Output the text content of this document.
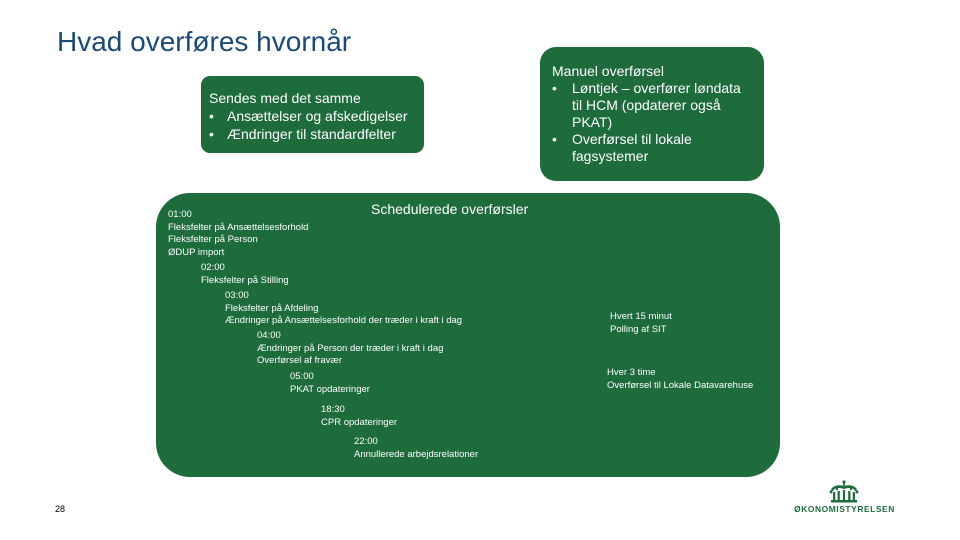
Hvad overføres hvornår
Sendes med det samme
• Ansættelser og afskedigelser
• Ændringer til standardfelter
Manuel overførsel
•	Løntjek – overfører løndata til HCM (opdaterer også PKAT)
•	Overførsel til lokale fagsystemer
Schedulerede overførsler
01:00
Fleksfelter på Ansættelsesforhold
Fleksfelter på Person
ØDUP import
02:00
Fleksfelter på Stilling
03:00
Fleksfelter på Afdeling
Ændringer på Ansættelsesforhold der træder i kraft i dag
04:00
Ændringer på Person der træder i kraft i dag
Overførsel af fravær
05:00
PKAT opdateringer
18:30
CPR opdateringer
22:00
Annullerede arbejdsrelationer
Hvert 15 minut
Polling af SIT
Hver 3 time
Overførsel til Lokale Datavarehuse
28	ØKONOMISTYRELSEN
